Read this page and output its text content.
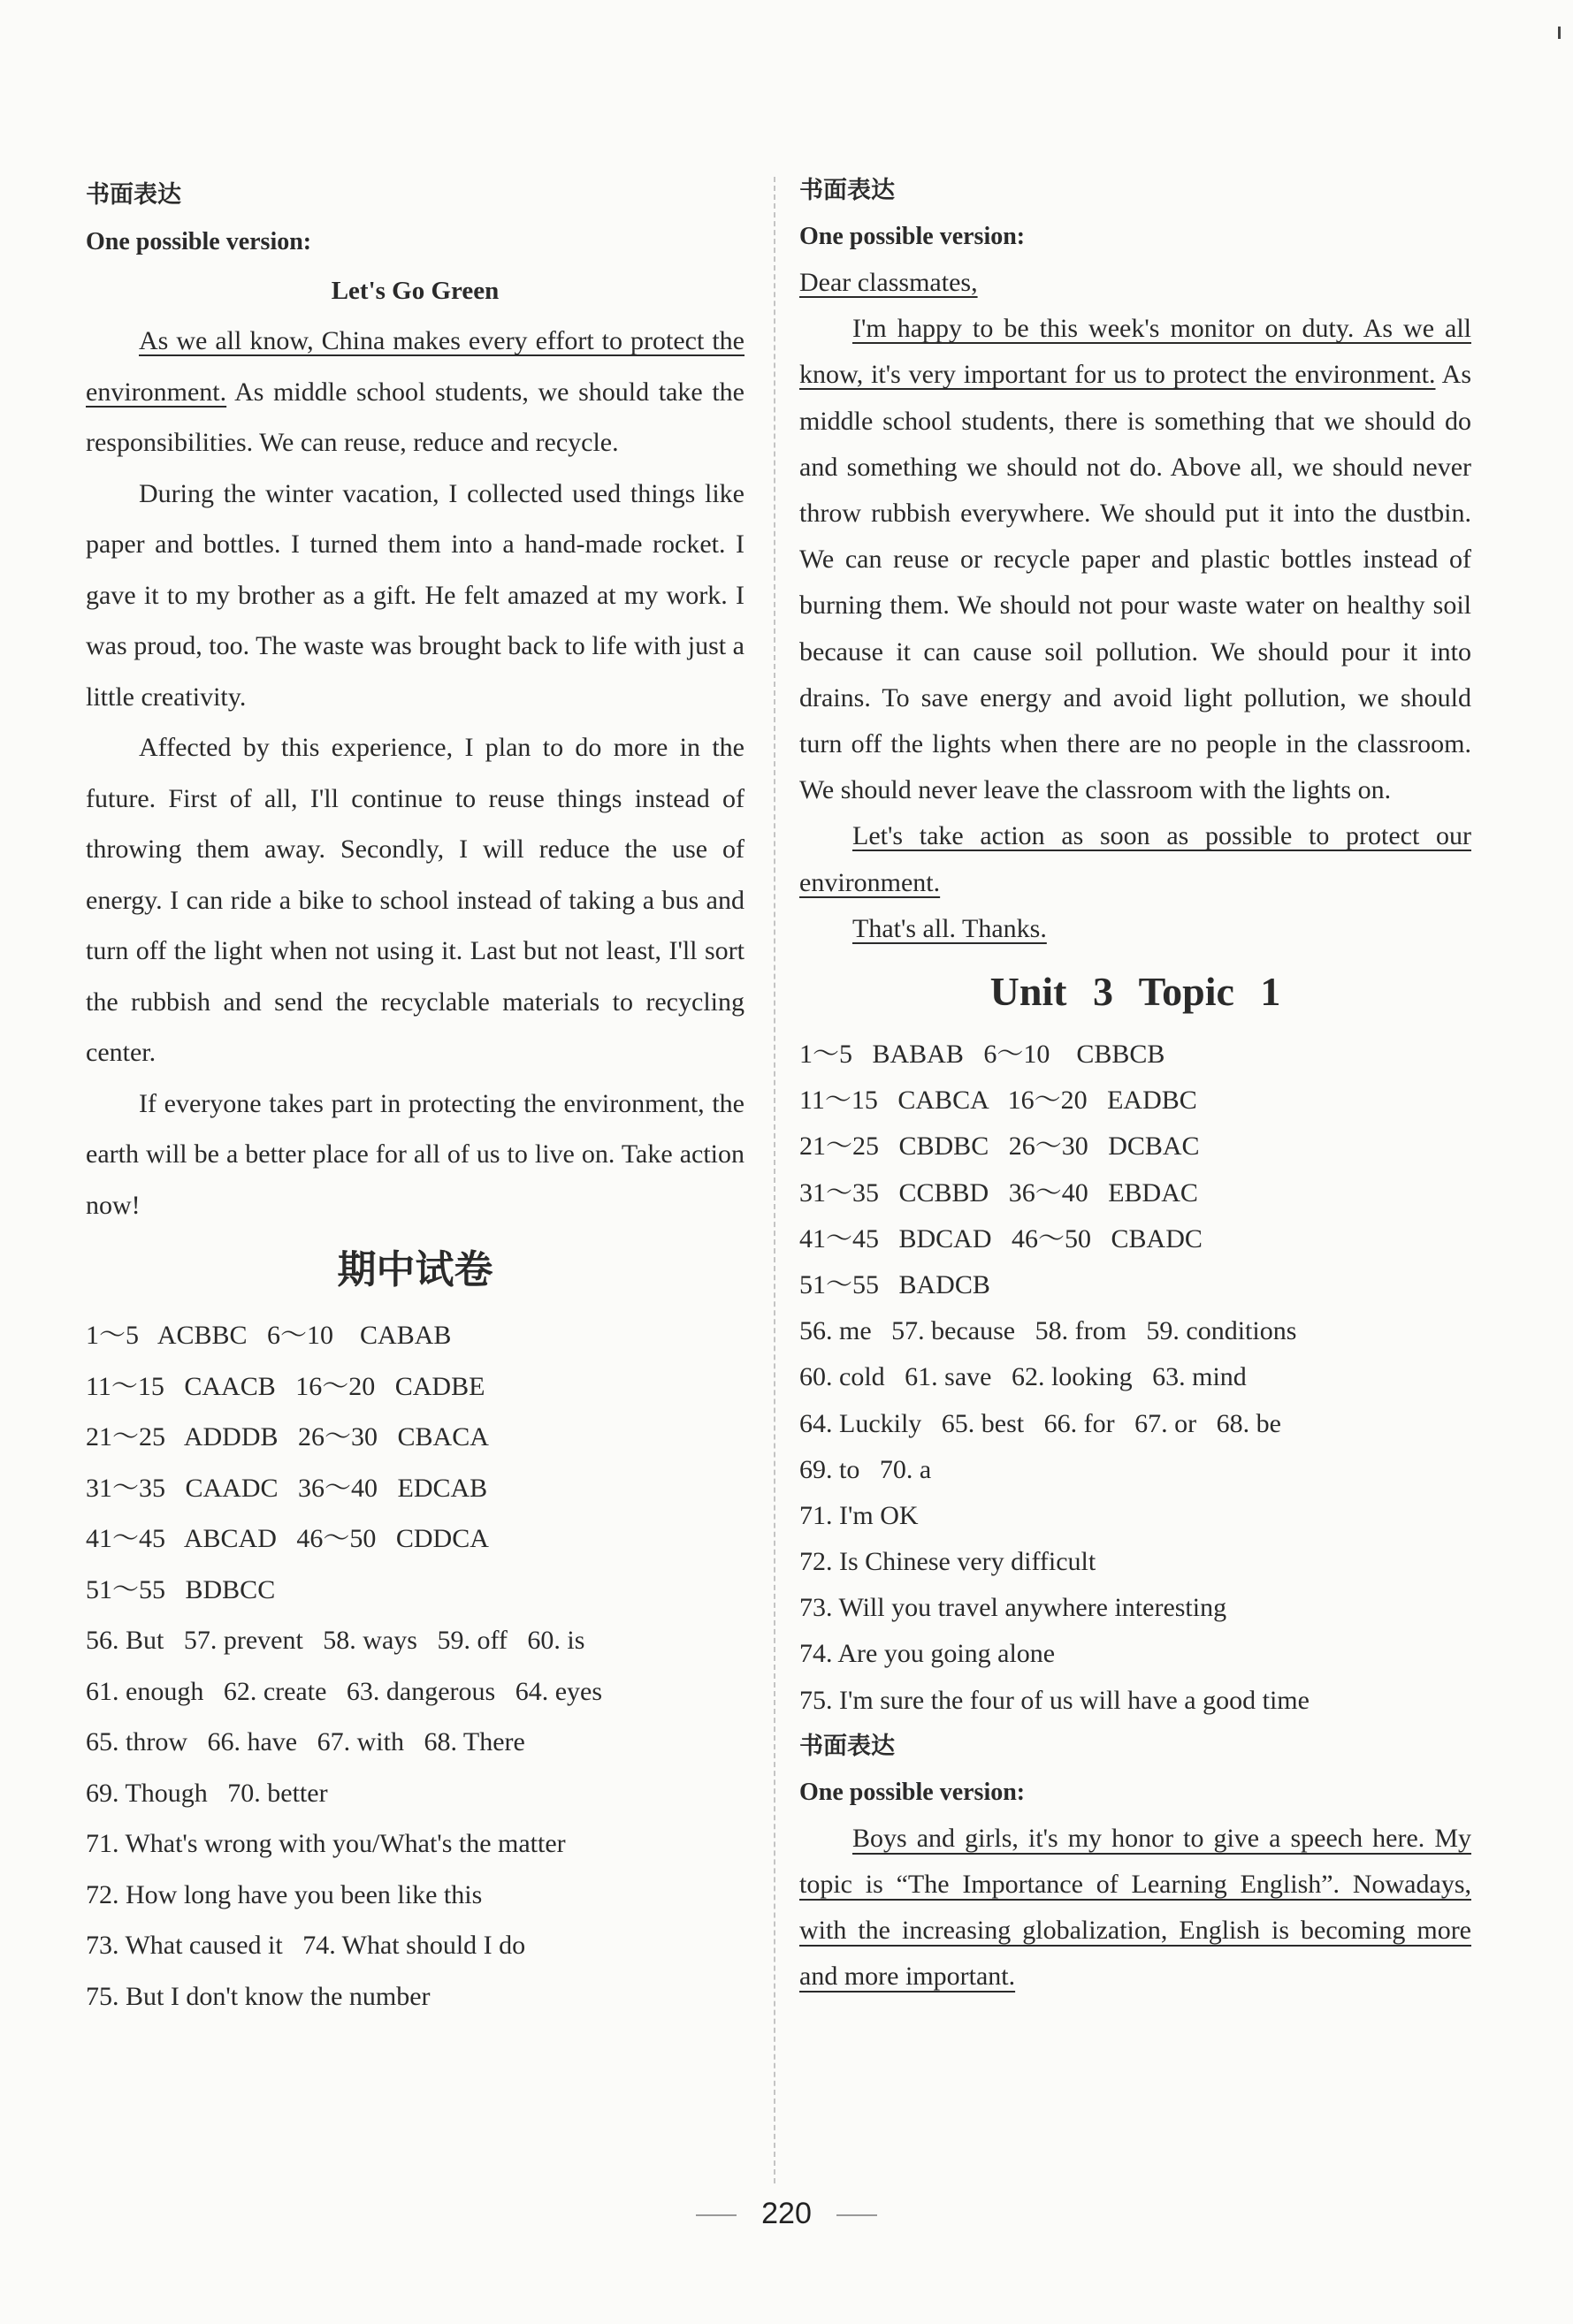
书面表达
One possible version:
Let's Go Green

As we all know, China makes every effort to protect the environment. As middle school students, we should take the responsibilities. We can reuse, reduce and recycle.

During the winter vacation, I collected used things like paper and bottles. I turned them into a hand-made rocket. I gave it to my brother as a gift. He felt amazed at my work. I was proud, too. The waste was brought back to life with just a little creativity.

Affected by this experience, I plan to do more in the future. First of all, I'll continue to reuse things instead of throwing them away. Secondly, I will reduce the use of energy. I can ride a bike to school instead of taking a bus and turn off the light when not using it. Last but not least, I'll sort the rubbish and send the recyclable materials to recycling center.

If everyone takes part in protecting the environment, the earth will be a better place for all of us to live on. Take action now!

期中试卷
1～5   ACBBC   6～10    CABAB
11～15   CAACB   16～20   CADBE
21～25   ADDDB   26～30   CBACA
31～35   CAADC   36～40   EDCAB
41～45   ABCAD   46～50   CDDCA
51～55   BDBCC
56. But   57. prevent   58. ways   59. off   60. is
61. enough   62. create   63. dangerous   64. eyes
65. throw   66. have   67. with   68. There
69. Though   70. better
71. What's wrong with you/What's the matter
72. How long have you been like this
73. What caused it   74. What should I do
75. But I don't know the number
书面表达
One possible version:

Dear classmates,

I'm happy to be this week's monitor on duty. As we all know, it's very important for us to protect the environment. As middle school students, there is something that we should do and something we should not do. Above all, we should never throw rubbish everywhere. We should put it into the dustbin. We can reuse or recycle paper and plastic bottles instead of burning them. We should not pour waste water on healthy soil because it can cause soil pollution. We should pour it into drains. To save energy and avoid light pollution, we should turn off the lights when there are no people in the classroom. We should never leave the classroom with the lights on.

Let's take action as soon as possible to protect our environment.

That's all. Thanks.

Unit 3 Topic 1
1～5   BABAB   6～10    CBBCB
11～15   CABCA   16～20   EADBC
21～25   CBDBC   26～30   DCBAC
31～35   CCBBD   36～40   EBDAC
41～45   BDCAD   46～50   CBADC
51～55   BADCB
56. me   57. because   58. from   59. conditions
60. cold   61. save   62. looking   63. mind
64. Luckily   65. best   66. for   67. or   68. be
69. to   70. a
71. I'm OK
72. Is Chinese very difficult
73. Will you travel anywhere interesting
74. Are you going alone
75. I'm sure the four of us will have a good time
书面表达
One possible version:

Boys and girls, it's my honor to give a speech here. My topic is “The Importance of Learning English”. Nowadays, with the increasing globalization, English is becoming more and more important.

220
